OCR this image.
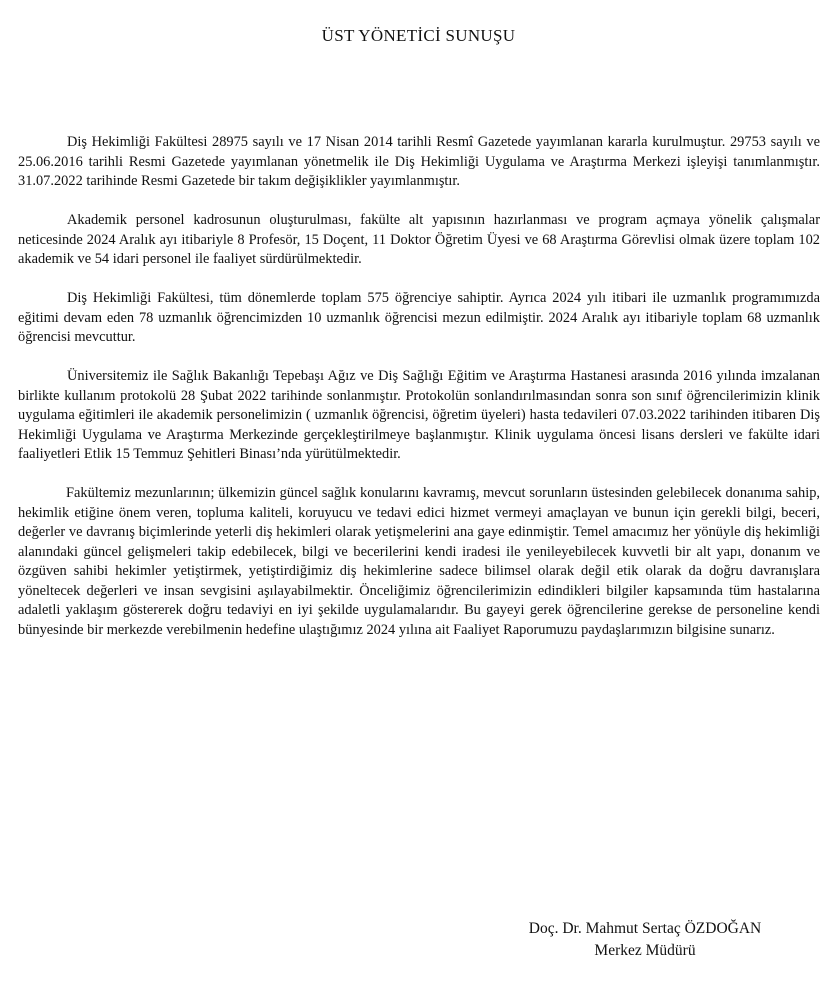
ÜST YÖNETİCİ SUNUŞU

Diş Hekimliği Fakültesi 28975 sayılı ve 17 Nisan 2014 tarihli Resmî Gazetede yayımlanan kararla kurulmuştur. 29753 sayılı ve 25.06.2016 tarihli Resmi Gazetede yayımlanan yönetmelik ile Diş Hekimliği Uygulama ve Araştırma Merkezi işleyişi tanımlanmıştır. 31.07.2022 tarihinde Resmi Gazetede bir takım değişiklikler yayımlanmıştır.

Akademik personel kadrosunun oluşturulması, fakülte alt yapısının hazırlanması ve program açmaya yönelik çalışmalar neticesinde 2024 Aralık ayı itibariyle 8 Profesör, 15 Doçent, 11 Doktor Öğretim Üyesi ve 68 Araştırma Görevlisi olmak üzere toplam 102 akademik ve 54 idari personel ile faaliyet sürdürülmektedir.

Diş Hekimliği Fakültesi, tüm dönemlerde toplam 575 öğrenciye sahiptir. Ayrıca 2024 yılı itibari ile uzmanlık programımızda eğitimi devam eden 78 uzmanlık öğrencimizden 10 uzmanlık öğrencisi mezun edilmiştir. 2024 Aralık ayı itibariyle toplam 68 uzmanlık öğrencisi mevcuttur.

Üniversitemiz ile Sağlık Bakanlığı Tepebaşı Ağız ve Diş Sağlığı Eğitim ve Araştırma Hastanesi arasında 2016 yılında imzalanan birlikte kullanım protokolü 28 Şubat 2022 tarihinde sonlanmıştır. Protokolün sonlandırılmasından sonra son sınıf öğrencilerimizin klinik uygulama eğitimleri ile akademik personelimizin ( uzmanlık öğrencisi, öğretim üyeleri) hasta tedavileri 07.03.2022 tarihinden itibaren Diş Hekimliği Uygulama ve Araştırma Merkezinde gerçekleştirilmeye başlanmıştır. Klinik uygulama öncesi lisans dersleri ve fakülte idari faaliyetleri Etlik 15 Temmuz Şehitleri Binası’nda yürütülmektedir.

Fakültemiz mezunlarının; ülkemizin güncel sağlık konularını kavramış, mevcut sorunların üstesinden gelebilecek donanıma sahip, hekimlik etiğine önem veren, topluma kaliteli, koruyucu ve tedavi edici hizmet vermeyi amaçlayan ve bunun için gerekli bilgi, beceri, değerler ve davranış biçimlerinde yeterli diş hekimleri olarak yetişmelerini ana gaye edinmiştir. Temel amacımız her yönüyle diş hekimliği alanındaki güncel gelişmeleri takip edebilecek, bilgi ve becerilerini kendi iradesi ile yenileyebilecek kuvvetli bir alt yapı, donanım ve özgüven sahibi hekimler yetiştirmek, yetiştirdiğimiz diş hekimlerine sadece bilimsel olarak değil etik olarak da doğru davranışlara yöneltecek değerleri ve insan sevgisini aşılayabilmektir. Önceliğimiz öğrencilerimizin edindikleri bilgiler kapsamında tüm hastalarına adaletli yaklaşım göstererek doğru tedaviyi en iyi şekilde uygulamalarıdır. Bu gayeyi gerek öğrencilerine gerekse de personeline kendi bünyesinde bir merkezde verebilmenin hedefine ulaştığımız 2024 yılına ait Faaliyet Raporumuzu paydaşlarımızın bilgisine sunarız.

Doç. Dr. Mahmut Sertaç ÖZDOĞAN
Merkez Müdürü
